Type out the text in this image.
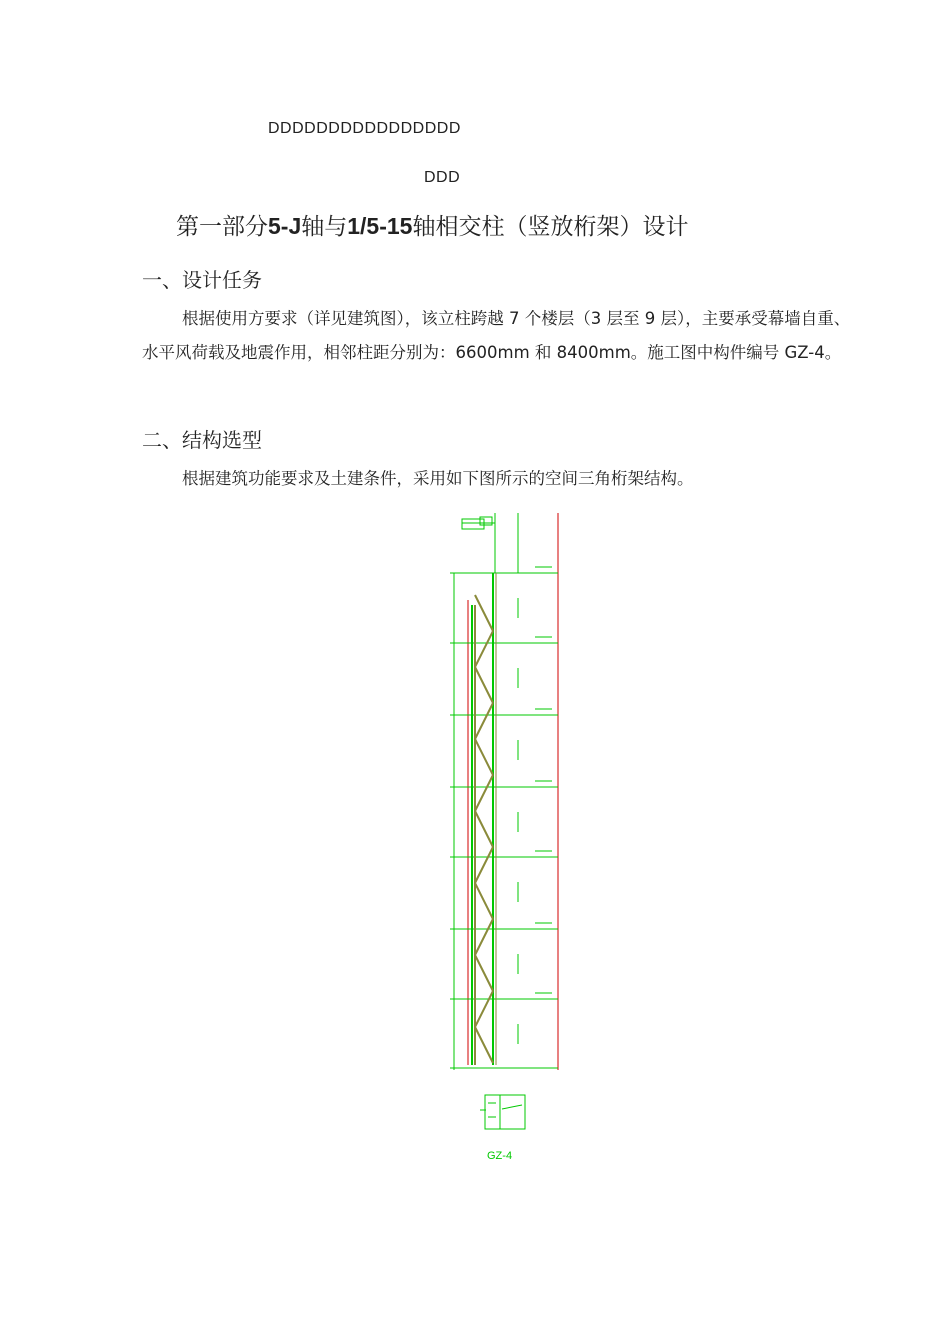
DDDDDDDDDDDDDDDD
DDD
第一部分5-J轴与1/5-15轴相交柱（竖放桁架）设计
一、设计任务
根据使用方要求（详见建筑图），该立柱跨越 7 个楼层（3 层至 9 层），主要承受幕墙自重、水平风荷载及地震作用，相邻柱距分别为：6600mm 和 8400mm。施工图中构件编号 GZ-4。
二、结构选型
根据建筑功能要求及土建条件，采用如下图所示的空间三角桁架结构。
GZ-4
